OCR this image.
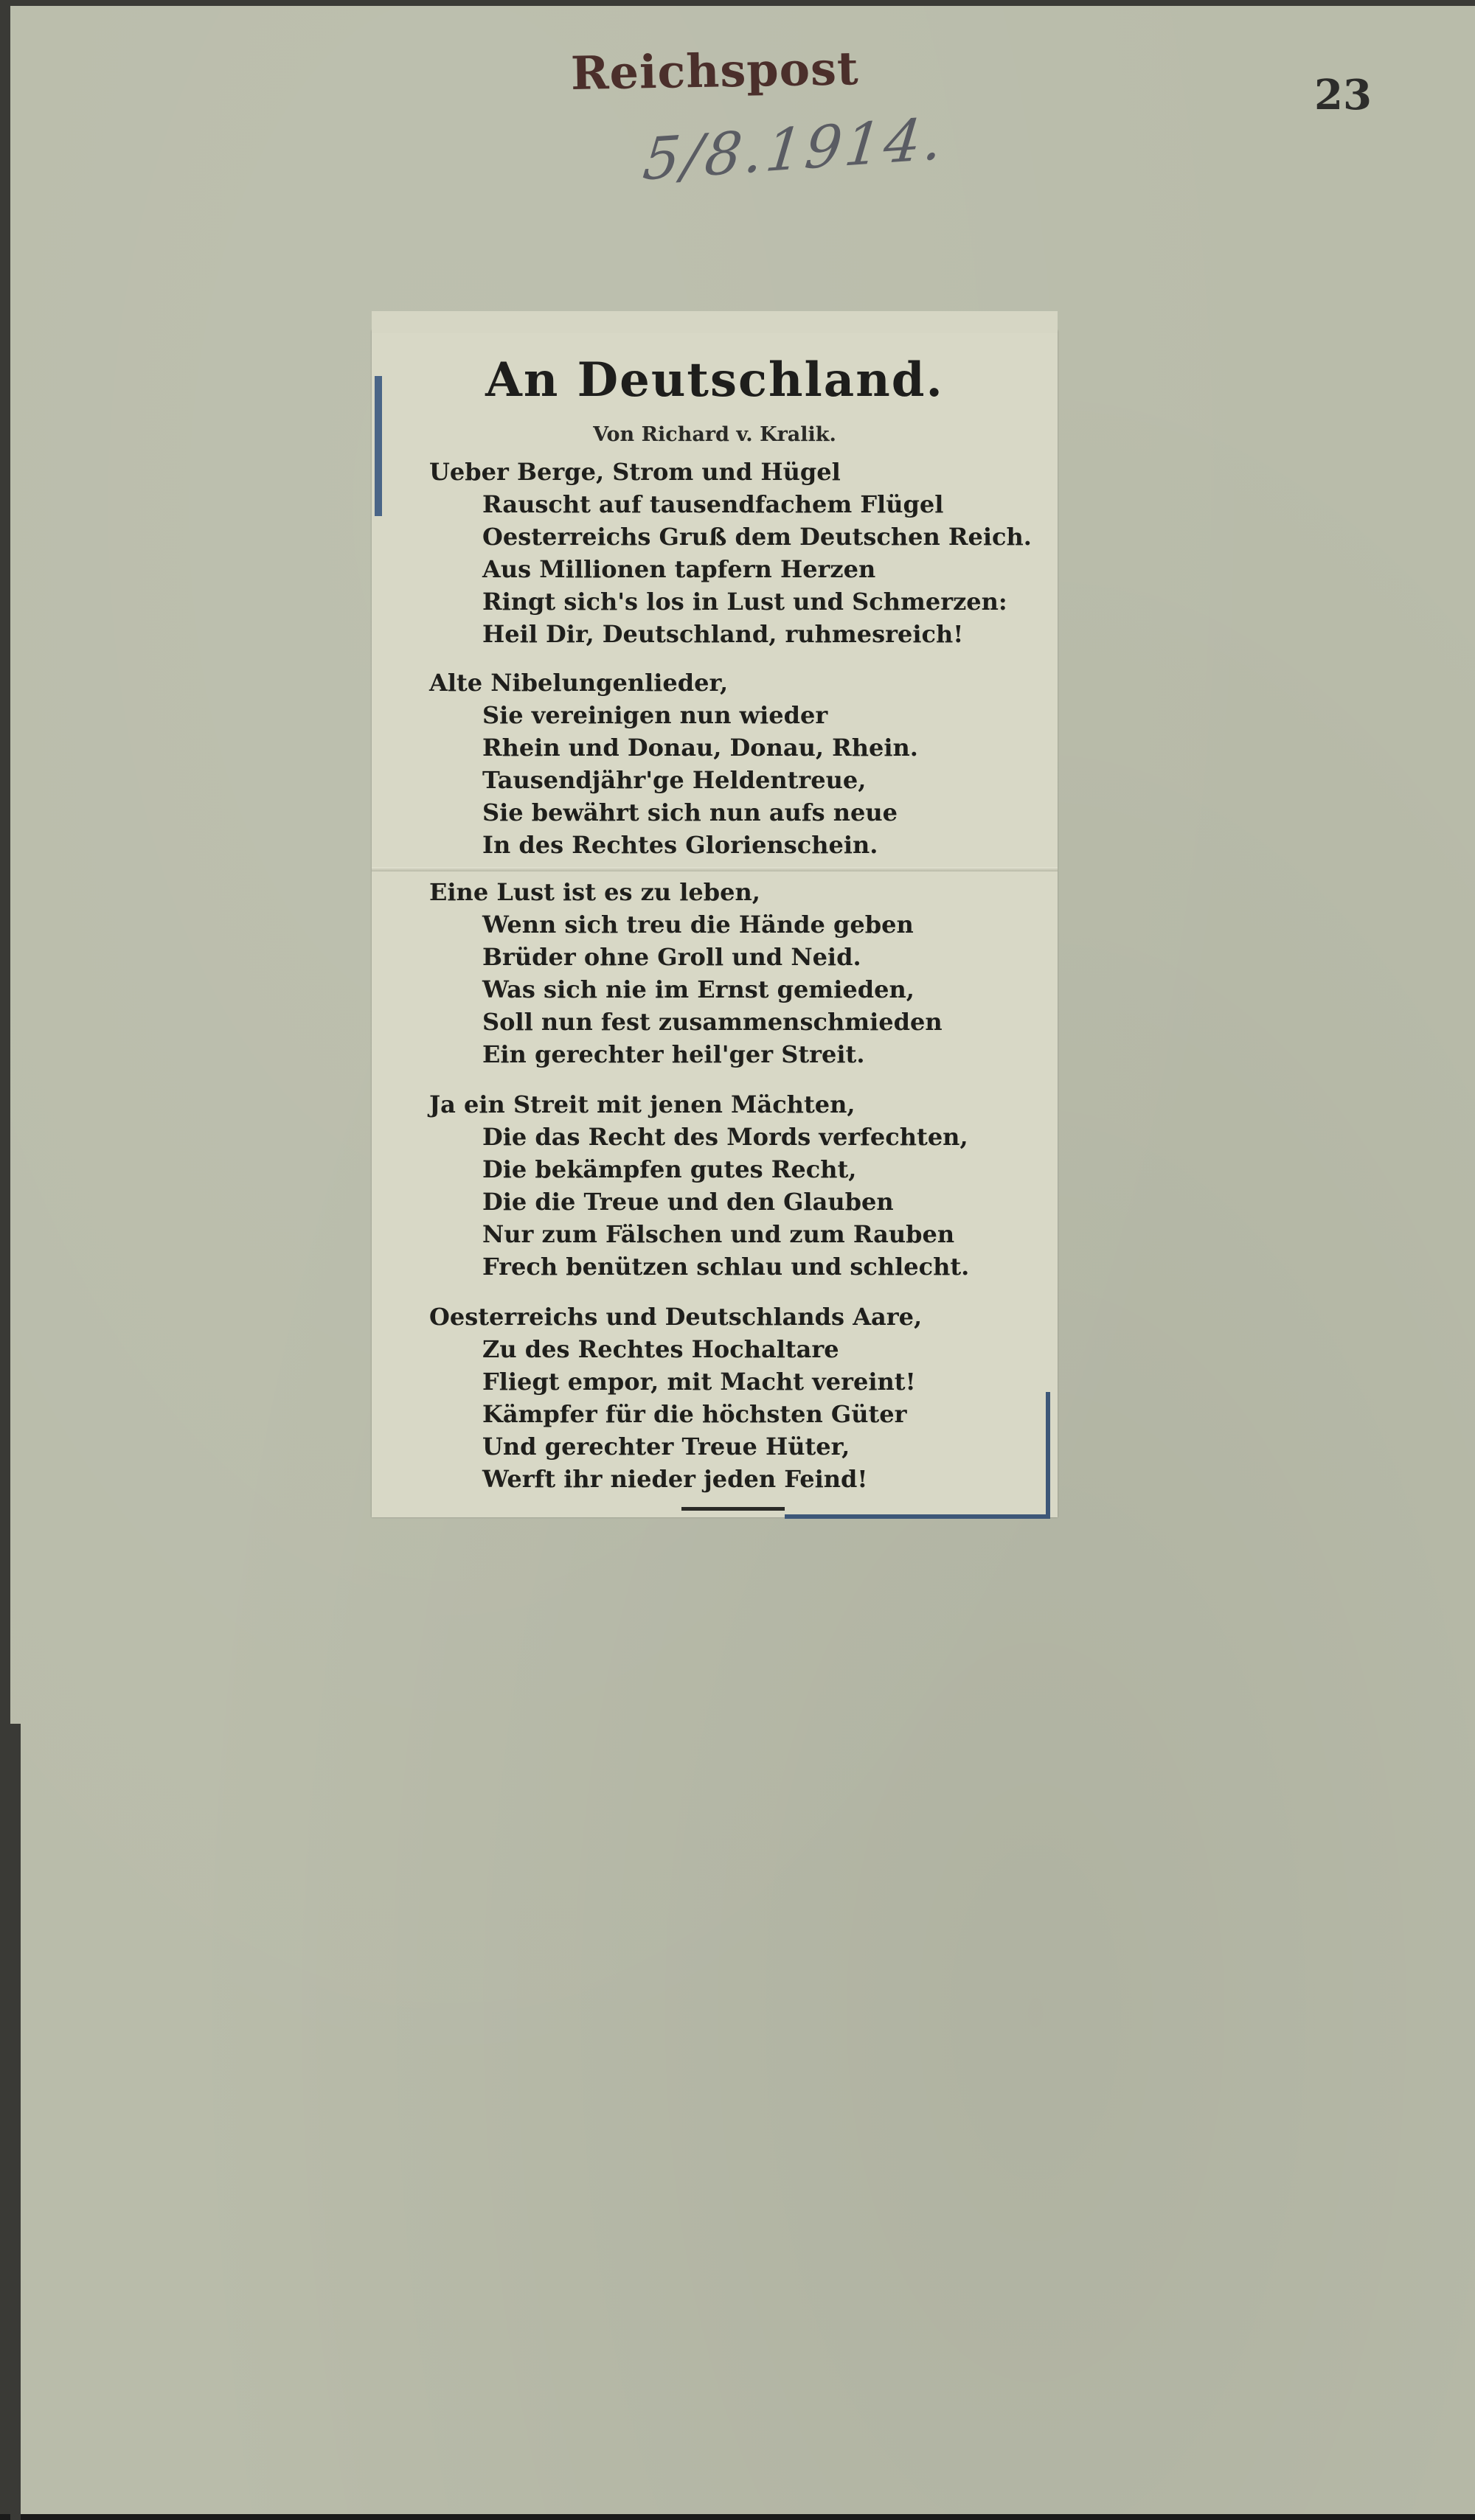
Reichspost
5/8.1914.
23
An Deutschland.
Von Richard v. Kralik.
Ueber Berge, Strom und Hügel
Rauscht auf tausendfachem Flügel
Oesterreichs Gruß dem Deutschen Reich.
Aus Millionen tapfern Herzen
Ringt sich's los in Lust und Schmerzen:
Heil Dir, Deutschland, ruhmesreich!
Alte Nibelungenlieder,
Sie vereinigen nun wieder
Rhein und Donau, Donau, Rhein.
Tausendjähr'ge Heldentreue,
Sie bewährt sich nun aufs neue
In des Rechtes Glorienschein.
Eine Lust ist es zu leben,
Wenn sich treu die Hände geben
Brüder ohne Groll und Neid.
Was sich nie im Ernst gemieden,
Soll nun fest zusammenschmieden
Ein gerechter heil'ger Streit.
Ja ein Streit mit jenen Mächten,
Die das Recht des Mords verfechten,
Die bekämpfen gutes Recht,
Die die Treue und den Glauben
Nur zum Fälschen und zum Rauben
Frech benützen schlau und schlecht.
Oesterreichs und Deutschlands Aare,
Zu des Rechtes Hochaltare
Fliegt empor, mit Macht vereint!
Kämpfer für die höchsten Güter
Und gerechter Treue Hüter,
Werft ihr nieder jeden Feind!
